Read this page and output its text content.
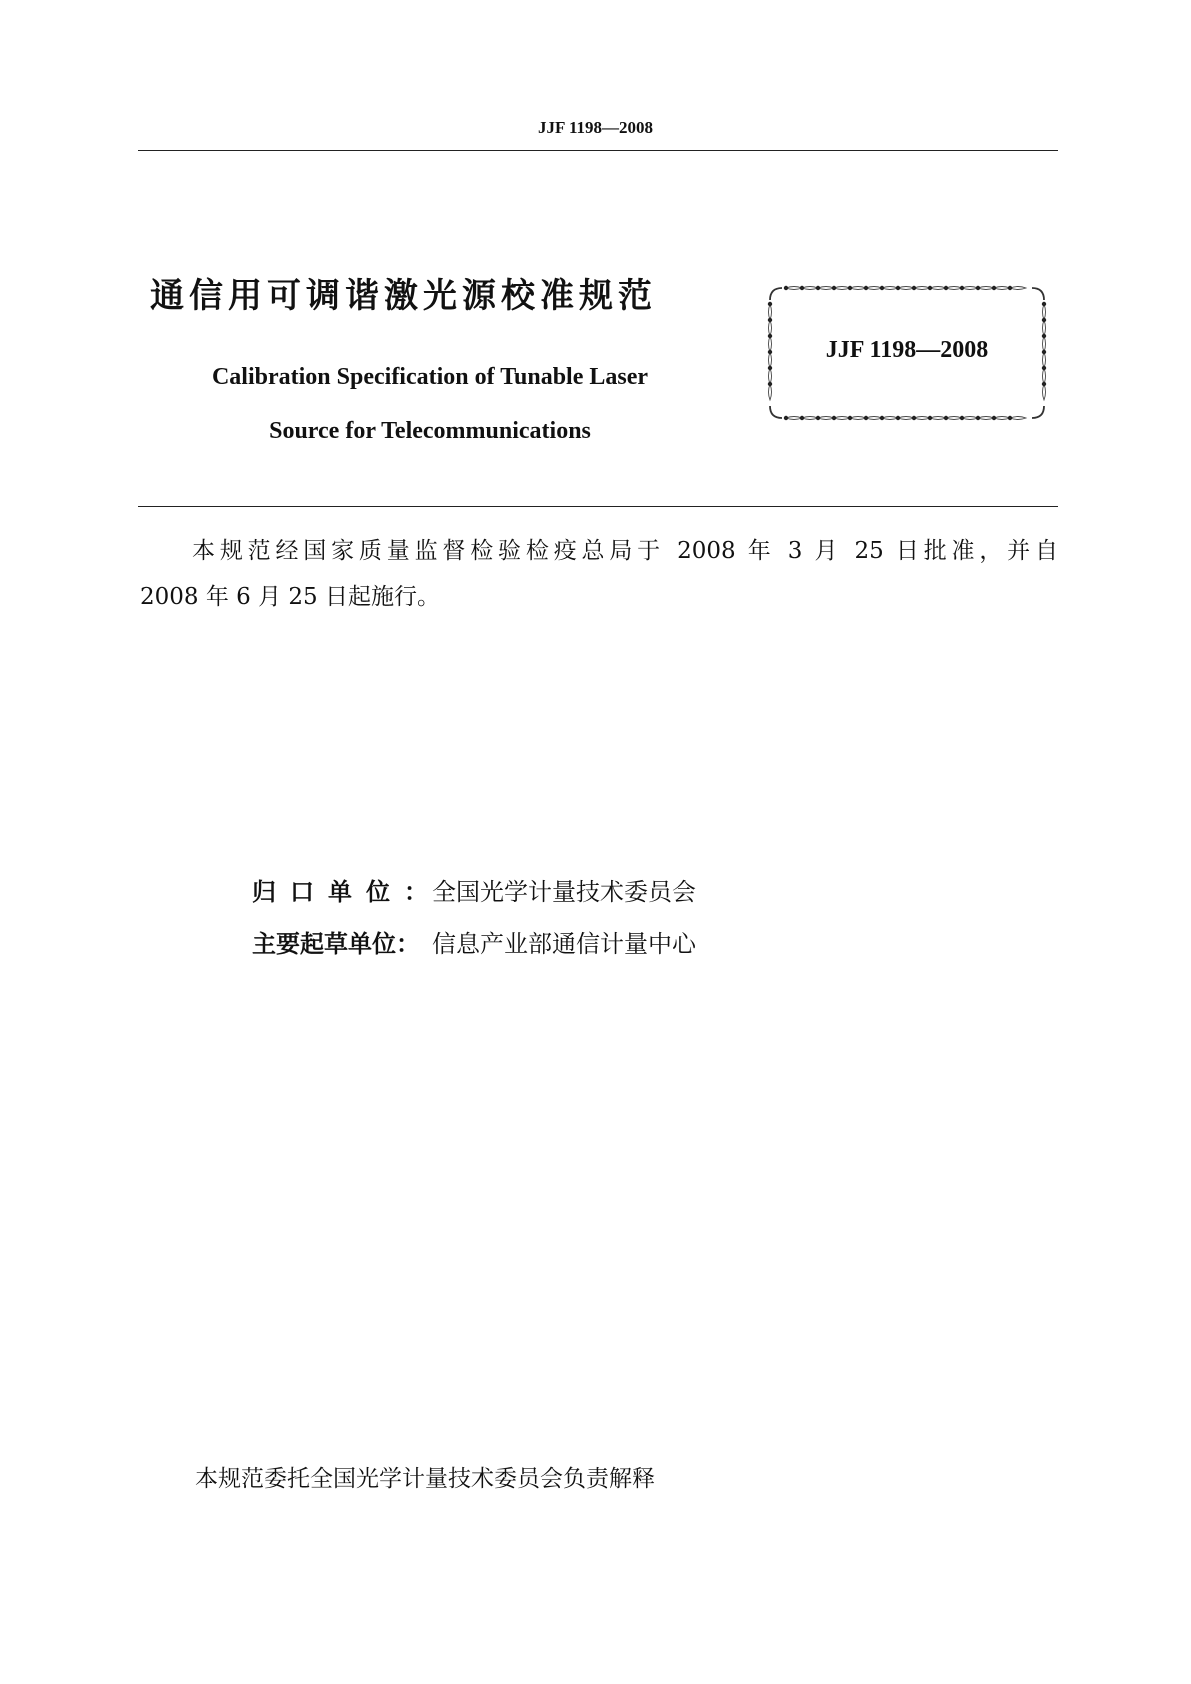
JJF 1198—2008
通信用可调谐激光源校准规范
Calibration Specification of Tunable Laser
Source for Telecommunications
JJF 1198—2008
本规范经国家质量监督检验检疫总局于 2008 年 3 月 25 日批准，并自
2008 年 6 月 25 日起施行。
归口单位：
全国光学计量技术委员会
主要起草单位： 信息产业部通信计量中心
本规范委托全国光学计量技术委员会负责解释
